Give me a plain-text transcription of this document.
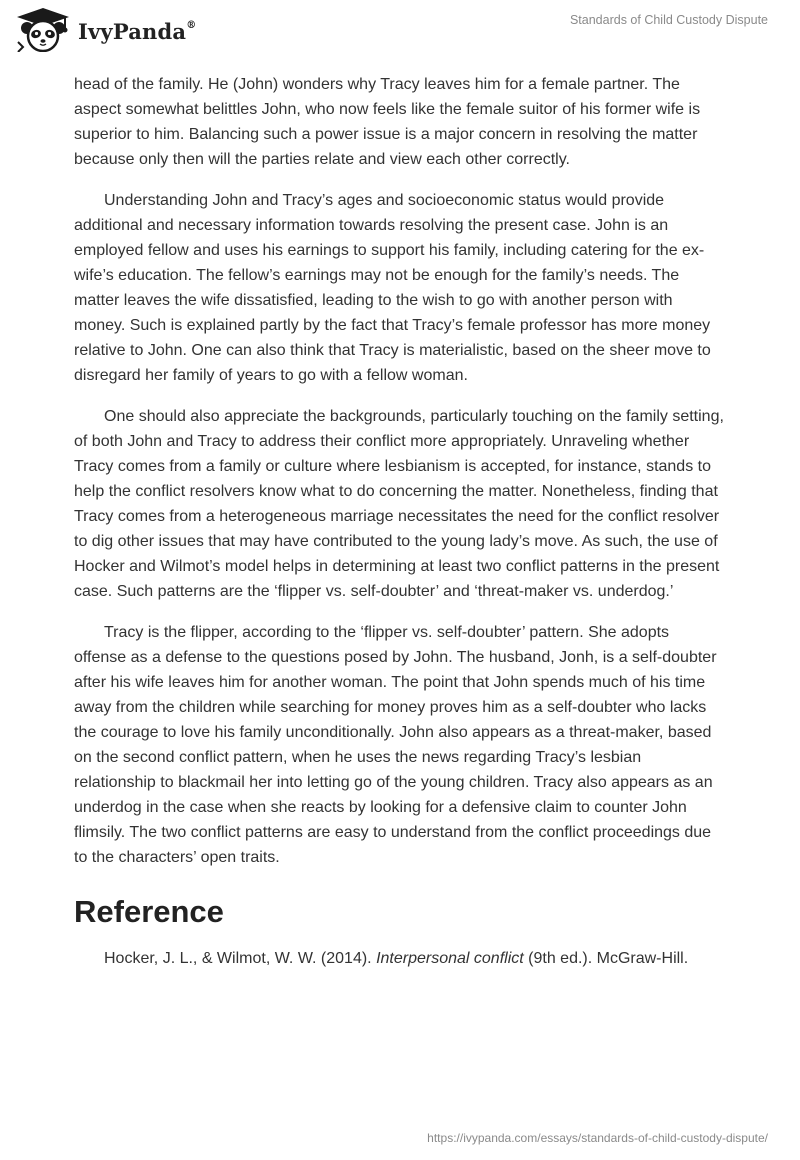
IvyPanda®	Standards of Child Custody Dispute

head of the family. He (John) wonders why Tracy leaves him for a female partner. The aspect somewhat belittles John, who now feels like the female suitor of his former wife is superior to him. Balancing such a power issue is a major concern in resolving the matter because only then will the parties relate and view each other correctly.

Understanding John and Tracy’s ages and socioeconomic status would provide additional and necessary information towards resolving the present case. John is an employed fellow and uses his earnings to support his family, including catering for the ex-wife’s education. The fellow’s earnings may not be enough for the family’s needs. The matter leaves the wife dissatisfied, leading to the wish to go with another person with money. Such is explained partly by the fact that Tracy’s female professor has more money relative to John. One can also think that Tracy is materialistic, based on the sheer move to disregard her family of years to go with a fellow woman.

One should also appreciate the backgrounds, particularly touching on the family setting, of both John and Tracy to address their conflict more appropriately. Unraveling whether Tracy comes from a family or culture where lesbianism is accepted, for instance, stands to help the conflict resolvers know what to do concerning the matter. Nonetheless, finding that Tracy comes from a heterogeneous marriage necessitates the need for the conflict resolver to dig other issues that may have contributed to the young lady’s move. As such, the use of Hocker and Wilmot’s model helps in determining at least two conflict patterns in the present case. Such patterns are the ‘flipper vs. self-doubter’ and ‘threat-maker vs. underdog.’

Tracy is the flipper, according to the ‘flipper vs. self-doubter’ pattern. She adopts offense as a defense to the questions posed by John. The husband, Jonh, is a self-doubter after his wife leaves him for another woman. The point that John spends much of his time away from the children while searching for money proves him as a self-doubter who lacks the courage to love his family unconditionally. John also appears as a threat-maker, based on the second conflict pattern, when he uses the news regarding Tracy’s lesbian relationship to blackmail her into letting go of the young children. Tracy also appears as an underdog in the case when she reacts by looking for a defensive claim to counter John flimsily. The two conflict patterns are easy to understand from the conflict proceedings due to the characters’ open traits.

Reference

Hocker, J. L., & Wilmot, W. W. (2014). Interpersonal conflict (9th ed.). McGraw-Hill.

https://ivypanda.com/essays/standards-of-child-custody-dispute/
